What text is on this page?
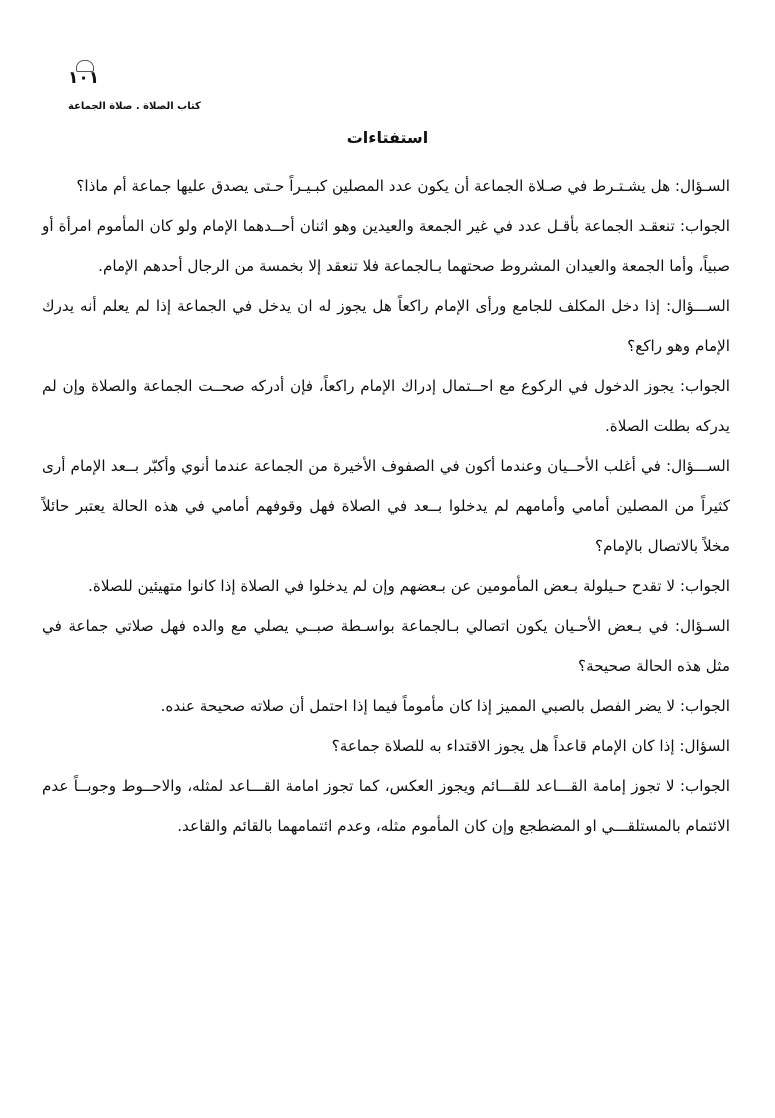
١٠١
كتاب الصلاة . صلاة الجماعة
استفتاءات

السـؤال: هل يشـتـرط في صـلاة الجماعة أن يكون عدد المصلين كبـيـراً حـتى يصدق عليها جماعة أم ماذا؟

الجواب: تنعقـد الجماعة بأقـل عدد في غير الجمعة والعيدين وهو اثنان أحــدهما الإمام ولو كان المأموم امرأة أو صبياً، وأما الجمعة والعيدان المشروط صحتهما بـالجماعة فلا تنعقد إلا بخمسة من الرجال أحدهم الإمام.

الســـؤال: إذا دخل المكلف للجامع ورأى الإمام راكعاً هل يجوز له ان يدخل في الجماعة إذا لم يعلم أنه يدرك الإمام وهو راكع؟

الجواب: يجوز الدخول في الركوع مع احــتمال إدراك الإمام راكعاً، فإن أدركه صحــت الجماعة والصلاة وإن لم يدركه بطلت الصلاة.

الســـؤال: في أغلب الأحــيان وعندما أكون في الصفوف الأخيرة من الجماعة عندما أنوي وأكبّر بــعد الإمام أرى كثيراً من المصلين أمامي وأمامهم لم يدخلوا بــعد في الصلاة فهل وقوفهم أمامي في هذه الحالة يعتبر حائلاً مخلاً بالاتصال بالإمام؟

الجواب: لا تقدح حـيلولة بـعض المأمومين عن بـعضهم وإن لم يدخلوا في الصلاة إذا كانوا متهيئين للصلاة.

السـؤال: في بـعض الأحـيان يكون اتصالي بـالجماعة بواسـطة صبــي يصلي مع والده فهل صلاتي جماعة في مثل هذه الحالة صحيحة؟

الجواب: لا يضر الفصل بالصبي المميز إذا كان مأموماً فيما إذا احتمل أن صلاته صحيحة عنده.

السؤال: إذا كان الإمام قاعداً هل يجوز الاقتداء به للصلاة جماعة؟

الجواب: لا تجوز إمامة القـــاعد للقـــائم ويجوز العكس، كما تجوز امامة القـــاعد لمثله، والاحــوط وجوبــاً عدم الائتمام بالمستلقـــي او المضطجع وإن كان المأموم مثله، وعدم ائتمامهما بالقائم والقاعد.
